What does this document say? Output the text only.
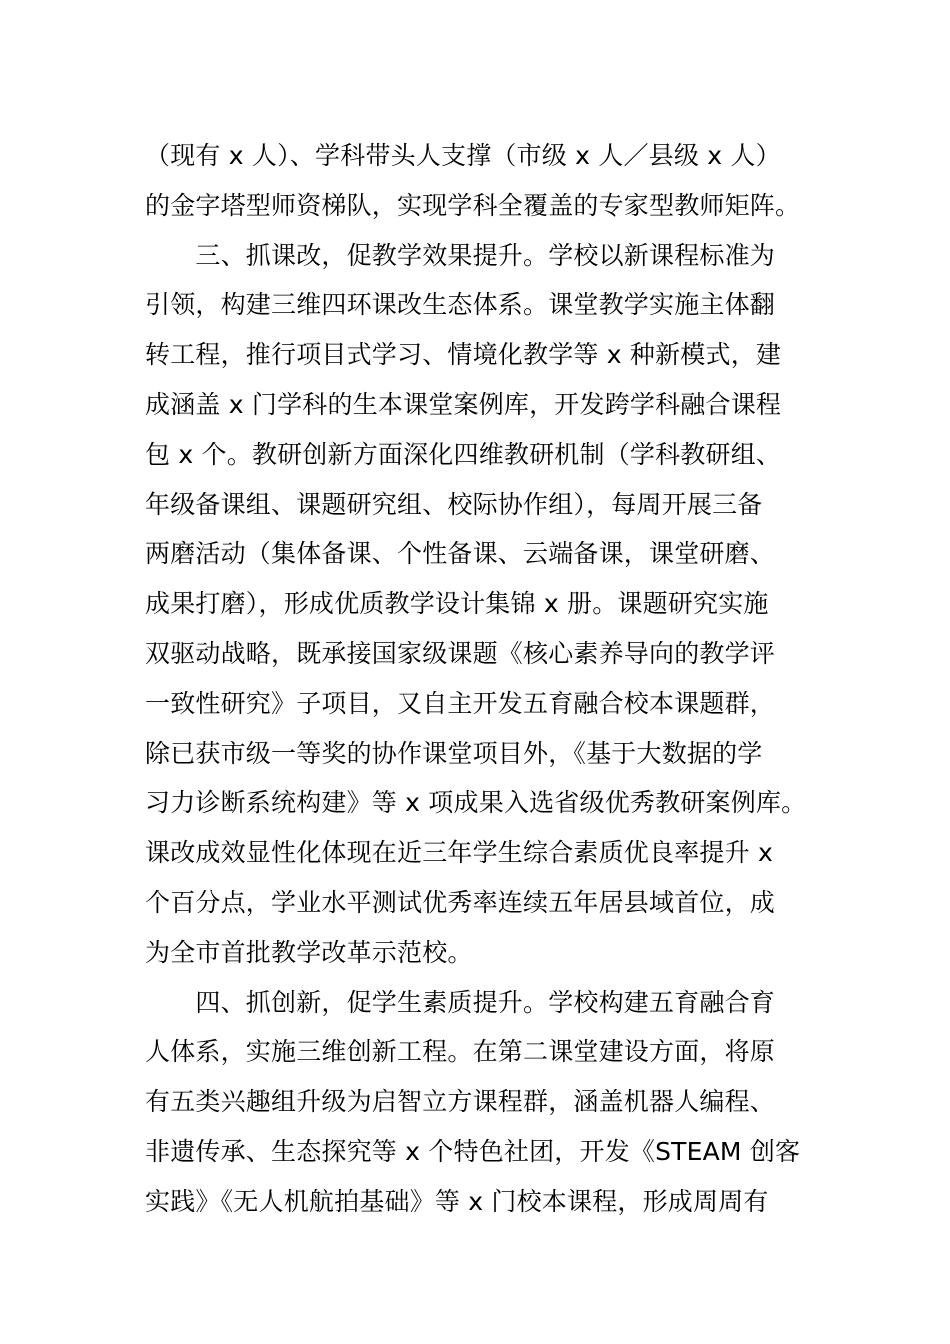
（现有 x 人）、学科带头人支撑（市级 x 人／县级 x 人）
的金字塔型师资梯队，实现学科全覆盖的专家型教师矩阵。
　　三、抓课改，促教学效果提升。学校以新课程标准为
引领，构建三维四环课改生态体系。课堂教学实施主体翻
转工程，推行项目式学习、情境化教学等 x 种新模式，建
成涵盖 x 门学科的生本课堂案例库，开发跨学科融合课程
包 x 个。教研创新方面深化四维教研机制（学科教研组、
年级备课组、课题研究组、校际协作组），每周开展三备
两磨活动（集体备课、个性备课、云端备课，课堂研磨、
成果打磨），形成优质教学设计集锦 x 册。课题研究实施
双驱动战略，既承接国家级课题《核心素养导向的教学评
一致性研究》子项目，又自主开发五育融合校本课题群，
除已获市级一等奖的协作课堂项目外，《基于大数据的学
习力诊断系统构建》等 x 项成果入选省级优秀教研案例库。
课改成效显性化体现在近三年学生综合素质优良率提升 x
个百分点，学业水平测试优秀率连续五年居县域首位，成
为全市首批教学改革示范校。
　　四、抓创新，促学生素质提升。学校构建五育融合育
人体系，实施三维创新工程。在第二课堂建设方面，将原
有五类兴趣组升级为启智立方课程群，涵盖机器人编程、
非遗传承、生态探究等 x 个特色社团，开发《STEAM 创客
实践》《无人机航拍基础》等 x 门校本课程，形成周周有
